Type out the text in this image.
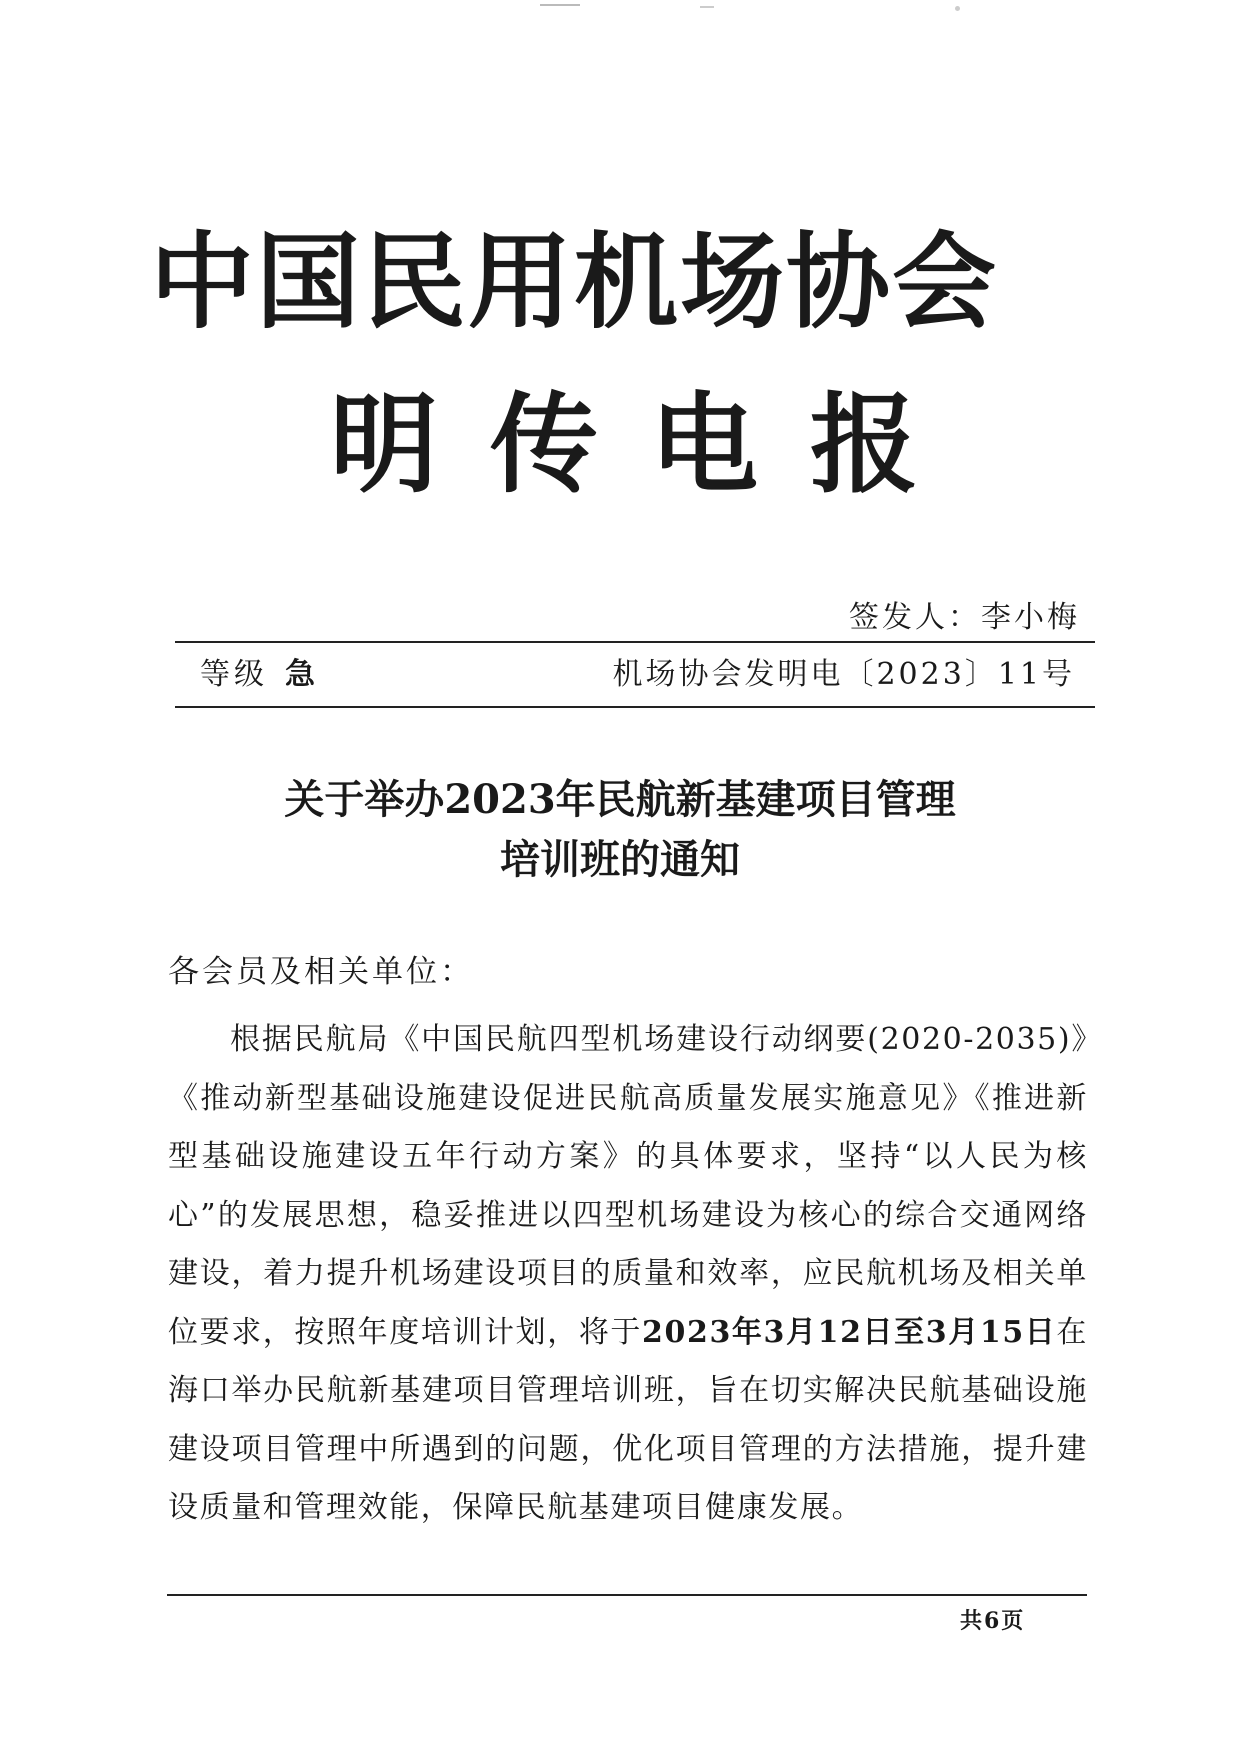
中国民用机场协会
明传电报
签发人：李小梅
等级 急	机场协会发明电〔2023〕11号
关于举办2023年民航新基建项目管理
培训班的通知
各会员及相关单位：
根据民航局《中国民航四型机场建设行动纲要(2020-2035)》《推动新型基础设施建设促进民航高质量发展实施意见》《推进新型基础设施建设五年行动方案》的具体要求，坚持“以人民为核心”的发展思想，稳妥推进以四型机场建设为核心的综合交通网络建设，着力提升机场建设项目的质量和效率，应民航机场及相关单位要求，按照年度培训计划，将于2023年3月12日至3月15日在海口举办民航新基建项目管理培训班，旨在切实解决民航基础设施建设项目管理中所遇到的问题，优化项目管理的方法措施，提升建设质量和管理效能，保障民航基建项目健康发展。
共6页
